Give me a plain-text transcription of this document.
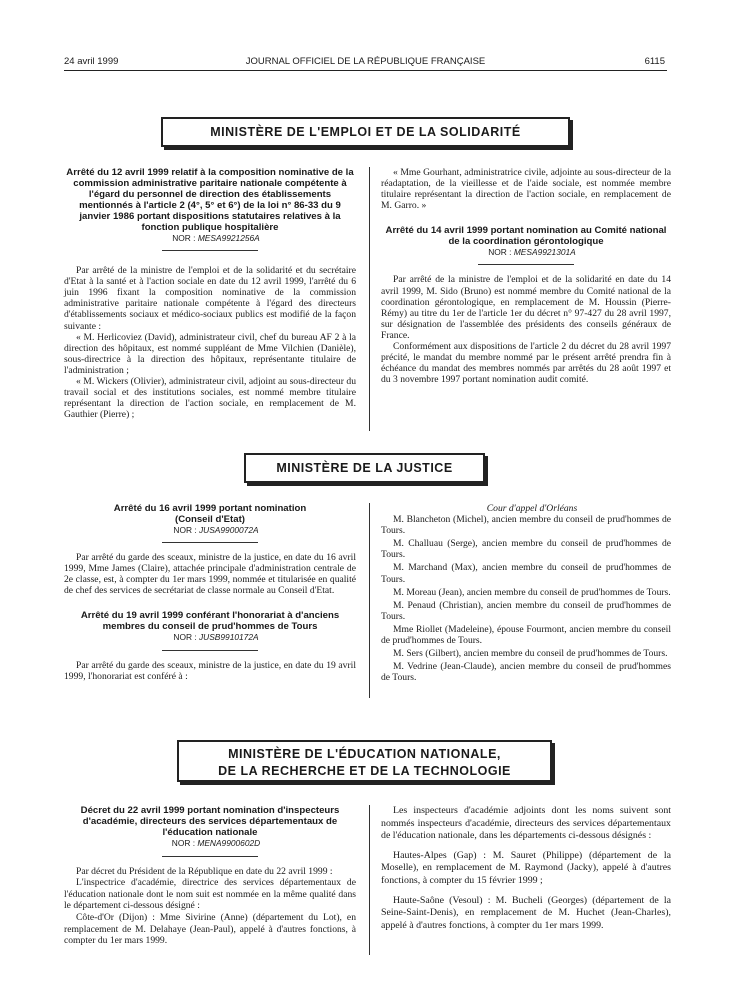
24 avril 1999	JOURNAL OFFICIEL DE LA RÉPUBLIQUE FRANÇAISE	6115
MINISTÈRE DE L'EMPLOI ET DE LA SOLIDARITÉ

Arrêté du 12 avril 1999 relatif à la composition nominative de la commission administrative paritaire nationale compétente à l'égard du personnel de direction des établissements mentionnés à l'article 2 (4°, 5° et 6°) de la loi n° 86-33 du 9 janvier 1986 portant dispositions statutaires relatives à la fonction publique hospitalière

NOR : MESA9921256A

Par arrêté de la ministre de l'emploi et de la solidarité et du secrétaire d'Etat à la santé et à l'action sociale en date du 12 avril 1999, l'arrêté du 6 juin 1996 fixant la composition nominative de la commission administrative paritaire nationale compétente à l'égard des directeurs d'établissements sociaux et médico-sociaux publics est modifié de la façon suivante :

« M. Herlicoviez (David), administrateur civil, chef du bureau AF 2 à la direction des hôpitaux, est nommé suppléant de Mme Vilchien (Danièle), sous-directrice à la direction des hôpitaux, représentante titulaire de l'administration ;

« M. Wickers (Olivier), administrateur civil, adjoint au sous-directeur du travail social et des institutions sociales, est nommé membre titulaire représentant la direction de l'action sociale, en remplacement de M. Gauthier (Pierre) ;

« Mme Gourhant, administratrice civile, adjointe au sous-directeur de la réadaptation, de la vieillesse et de l'aide sociale, est nommée membre titulaire représentant la direction de l'action sociale, en remplacement de M. Garro. »

Arrêté du 14 avril 1999 portant nomination au Comité national de la coordination gérontologique

NOR : MESA9921301A

Par arrêté de la ministre de l'emploi et de la solidarité en date du 14 avril 1999, M. Sido (Bruno) est nommé membre du Comité national de la coordination gérontologique, en remplacement de M. Houssin (Pierre-Rémy) au titre du 1er de l'article 1er du décret n° 97-427 du 28 avril 1997, sur désignation de l'assemblée des présidents des conseils généraux de France.

Conformément aux dispositions de l'article 2 du décret du 28 avril 1997 précité, le mandat du membre nommé par le présent arrêté prendra fin à échéance du mandat des membres nommés par arrêtés du 28 août 1997 et du 3 novembre 1997 portant nomination audit comité.

MINISTÈRE DE LA JUSTICE

Arrêté du 16 avril 1999 portant nomination
(Conseil d'Etat)

NOR : JUSA9900072A

Par arrêté du garde des sceaux, ministre de la justice, en date du 16 avril 1999, Mme James (Claire), attachée principale d'administration centrale de 2e classe, est, à compter du 1er mars 1999, nommée et titularisée en qualité de chef des services de secrétariat de classe normale au Conseil d'Etat.

Arrêté du 19 avril 1999 conférant l'honorariat à d'anciens membres du conseil de prud'hommes de Tours

NOR : JUSB9910172A

Par arrêté du garde des sceaux, ministre de la justice, en date du 19 avril 1999, l'honorariat est conféré à :

Cour d'appel d'Orléans

M. Blancheton (Michel), ancien membre du conseil de prud'hommes de Tours.

M. Challuau (Serge), ancien membre du conseil de prud'hommes de Tours.

M. Marchand (Max), ancien membre du conseil de prud'hommes de Tours.

M. Moreau (Jean), ancien membre du conseil de prud'hommes de Tours.

M. Penaud (Christian), ancien membre du conseil de prud'hommes de Tours.

Mme Riollet (Madeleine), épouse Fourmont, ancien membre du conseil de prud'hommes de Tours.

M. Sers (Gilbert), ancien membre du conseil de prud'hommes de Tours.

M. Vedrine (Jean-Claude), ancien membre du conseil de prud'hommes de Tours.

MINISTÈRE DE L'ÉDUCATION NATIONALE,
DE LA RECHERCHE ET DE LA TECHNOLOGIE

Décret du 22 avril 1999 portant nomination d'inspecteurs d'académie, directeurs des services départementaux de l'éducation nationale

NOR : MENA9900602D

Par décret du Président de la République en date du 22 avril 1999 :

L'inspectrice d'académie, directrice des services départementaux de l'éducation nationale dont le nom suit est nommée en la même qualité dans le département ci-dessous désigné :

Côte-d'Or (Dijon) : Mme Sivirine (Anne) (département du Lot), en remplacement de M. Delahaye (Jean-Paul), appelé à d'autres fonctions, à compter du 1er mars 1999.

Les inspecteurs d'académie adjoints dont les noms suivent sont nommés inspecteurs d'académie, directeurs des services départementaux de l'éducation nationale, dans les départements ci-dessous désignés :

Hautes-Alpes (Gap) : M. Sauret (Philippe) (département de la Moselle), en remplacement de M. Raymond (Jacky), appelé à d'autres fonctions, à compter du 15 février 1999 ;

Haute-Saône (Vesoul) : M. Bucheli (Georges) (département de la Seine-Saint-Denis), en remplacement de M. Huchet (Jean-Charles), appelé à d'autres fonctions, à compter du 1er mars 1999.
